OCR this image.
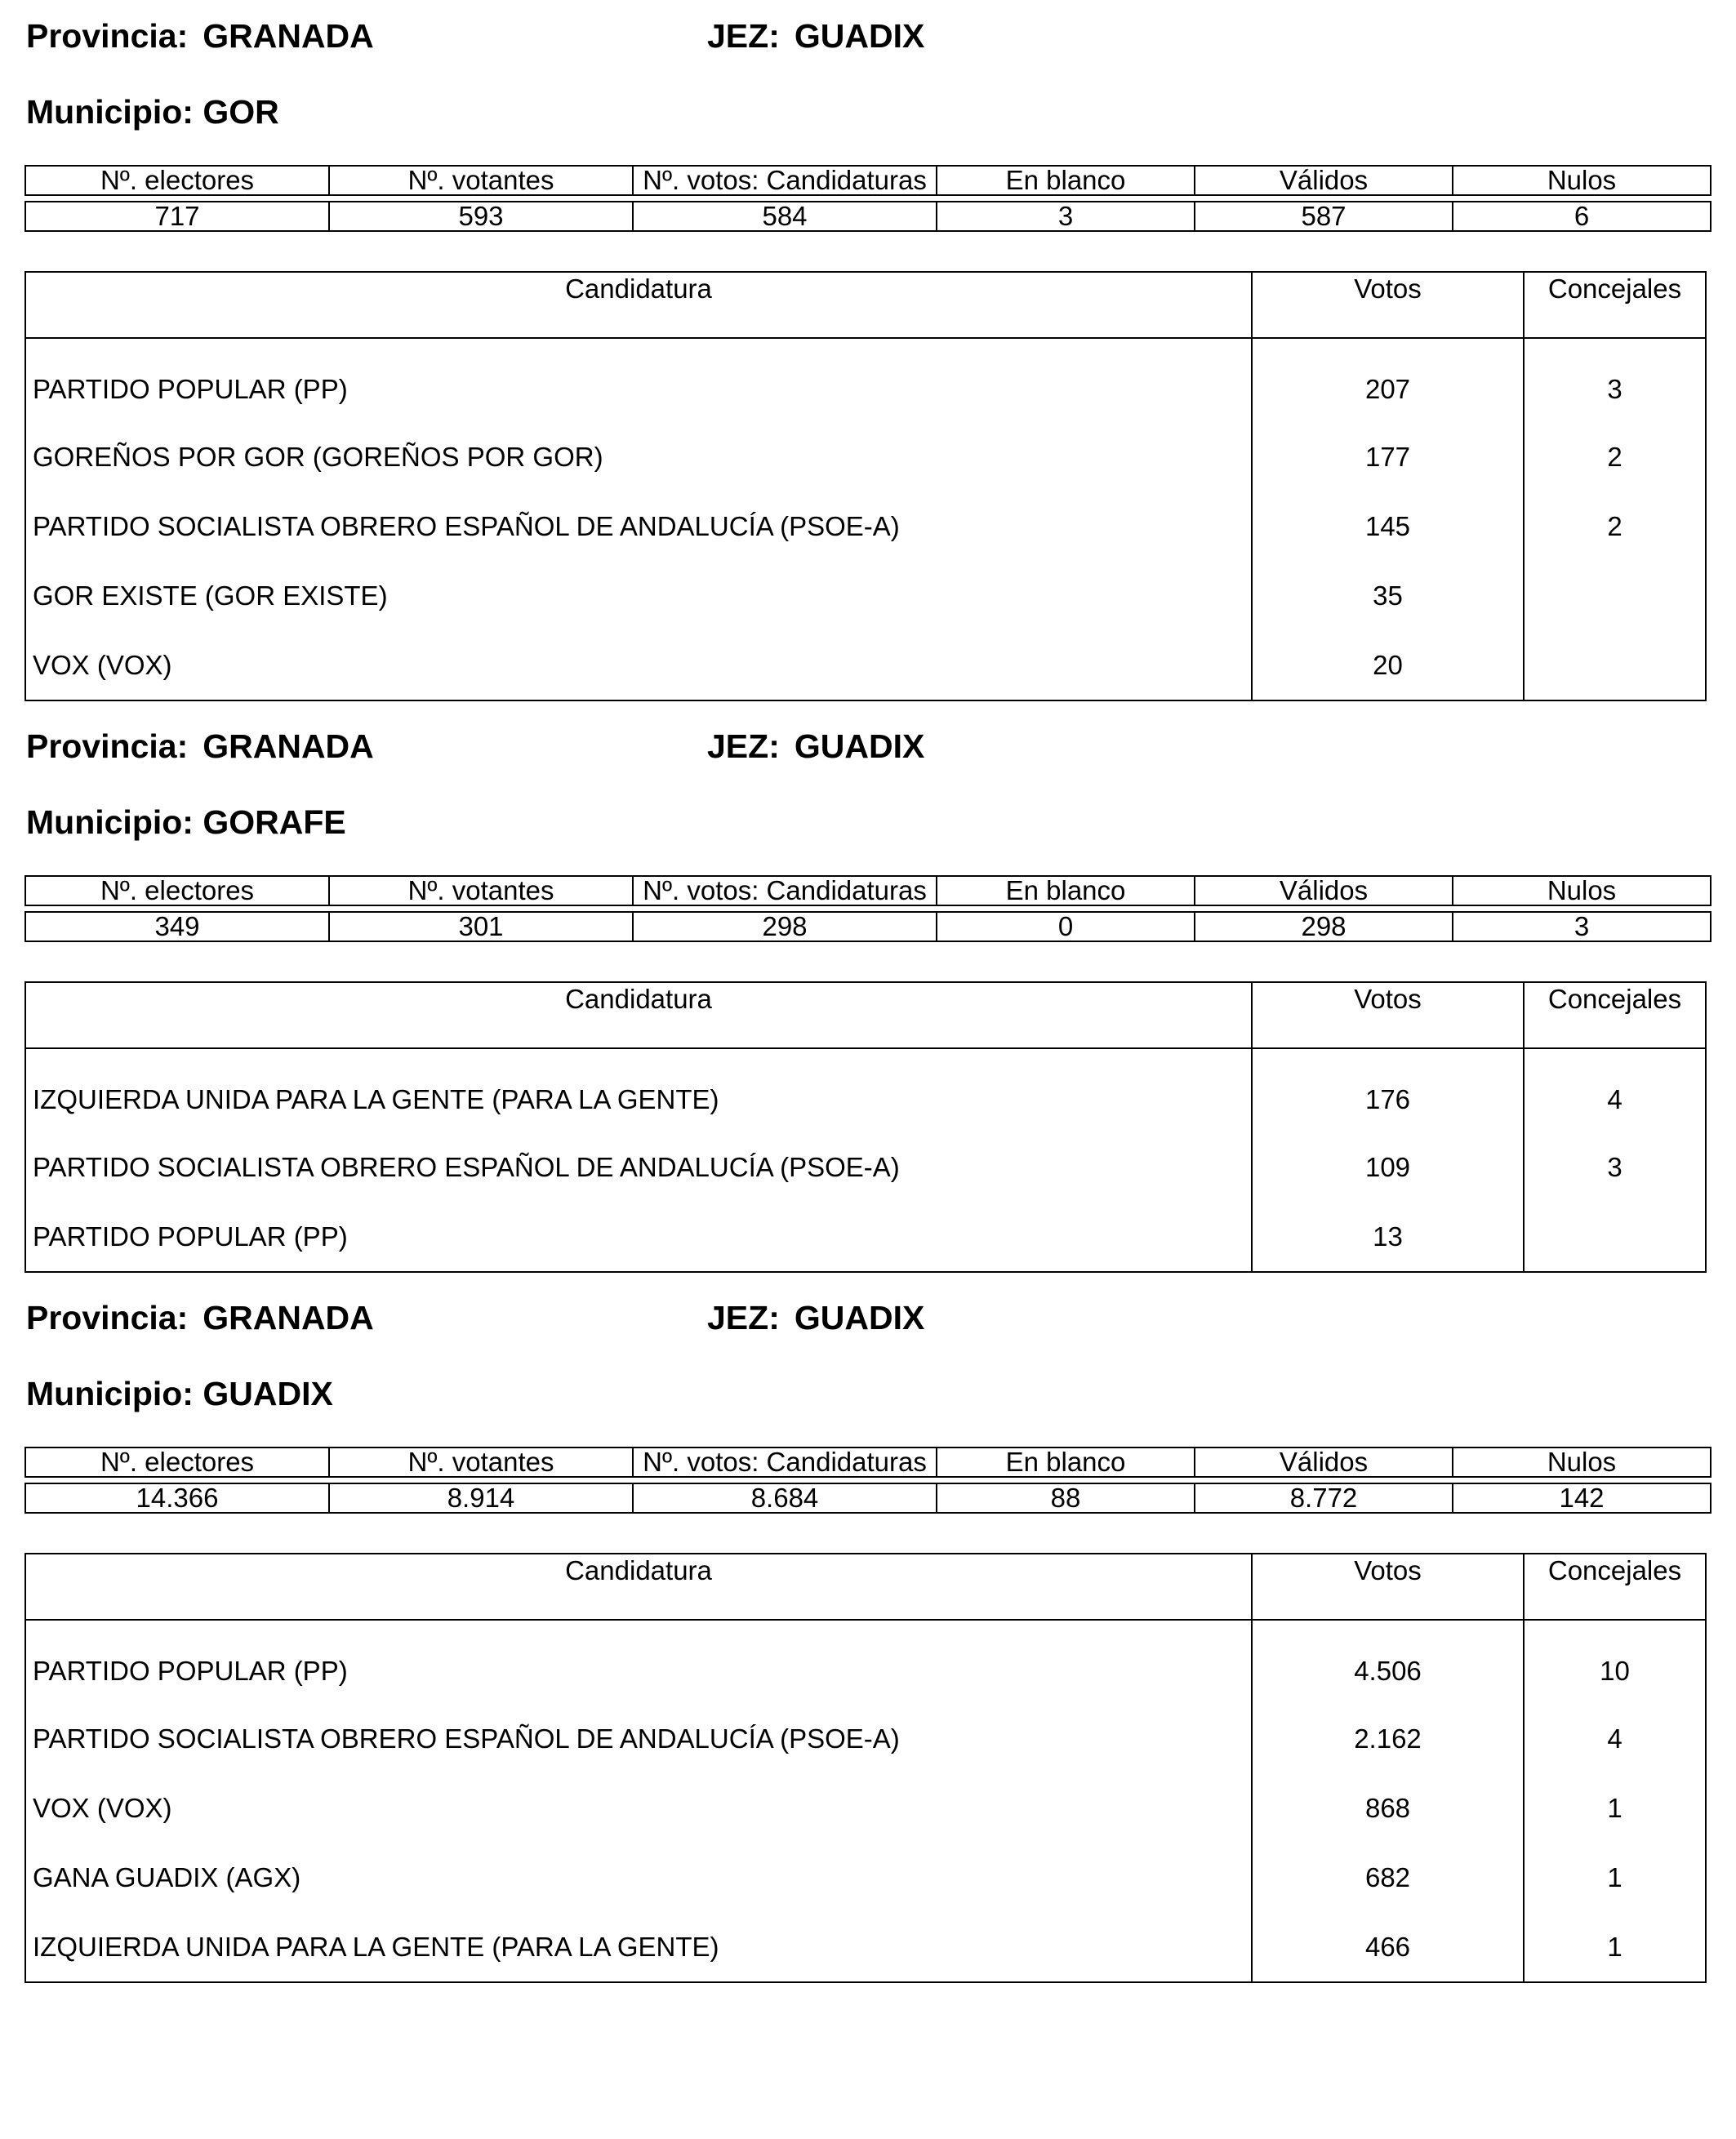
Provincia: GRANADA	JEZ: GUADIX
Municipio: GOR
Nº. electores	Nº. votantes	Nº. votos: Candidaturas	En blanco	Válidos	Nulos

717	593	584	3	587	6
Candidatura	Votos	Concejales
PARTIDO POPULAR (PP)	207	3
GOREÑOS POR GOR (GOREÑOS POR GOR)	177	2
PARTIDO SOCIALISTA OBRERO ESPAÑOL DE ANDALUCÍA (PSOE-A)	145	2
GOR EXISTE (GOR EXISTE)	35	
VOX (VOX)	20	
Provincia: GRANADA	JEZ: GUADIX
Municipio: GORAFE
Nº. electores	Nº. votantes	Nº. votos: Candidaturas	En blanco	Válidos	Nulos

349	301	298	0	298	3
Candidatura	Votos	Concejales
IZQUIERDA UNIDA PARA LA GENTE (PARA LA GENTE)	176	4
PARTIDO SOCIALISTA OBRERO ESPAÑOL DE ANDALUCÍA (PSOE-A)	109	3
PARTIDO POPULAR (PP)	13	
Provincia: GRANADA	JEZ: GUADIX
Municipio: GUADIX
Nº. electores	Nº. votantes	Nº. votos: Candidaturas	En blanco	Válidos	Nulos

14.366	8.914	8.684	88	8.772	142
Candidatura	Votos	Concejales
PARTIDO POPULAR (PP)	4.506	10
PARTIDO SOCIALISTA OBRERO ESPAÑOL DE ANDALUCÍA (PSOE-A)	2.162	4
VOX (VOX)	868	1
GANA GUADIX (AGX)	682	1
IZQUIERDA UNIDA PARA LA GENTE (PARA LA GENTE)	466	1
